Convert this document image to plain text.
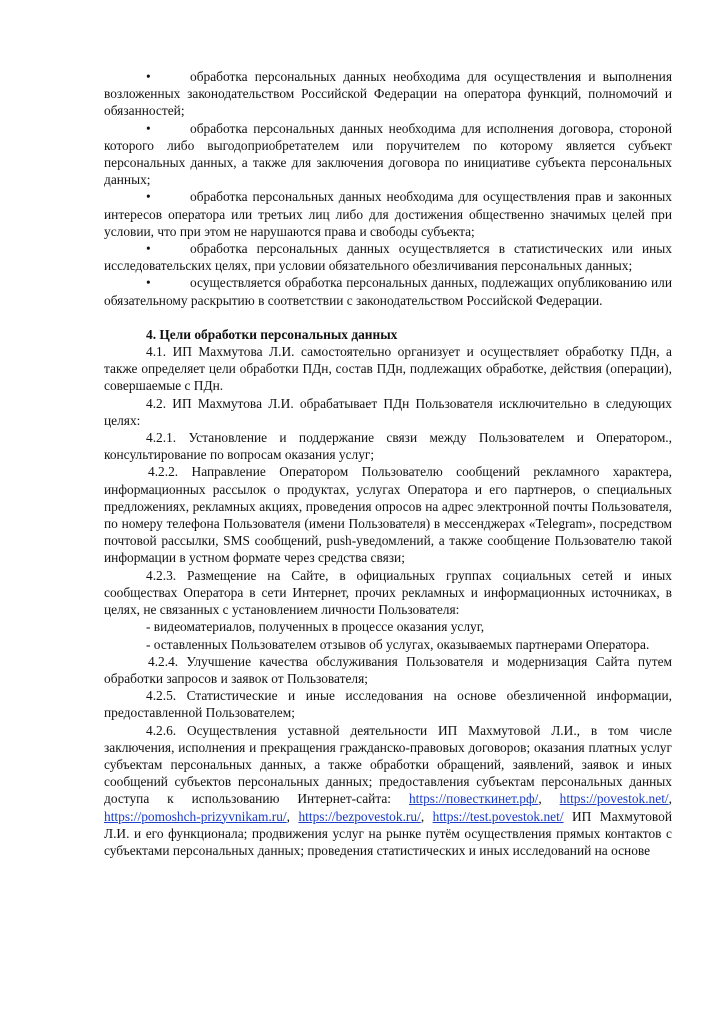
•	обработка персональных данных необходима для осуществления и выполнения возложенных законодательством Российской Федерации на оператора функций, полномочий и обязанностей;

•	обработка персональных данных необходима для исполнения договора, стороной которого либо выгодоприобретателем или поручителем по которому является субъект персональных данных, а также для заключения договора по инициативе субъекта персональных данных;

•	обработка персональных данных необходима для осуществления прав и законных интересов оператора или третьих лиц либо для достижения общественно значимых целей при условии, что при этом не нарушаются права и свободы субъекта;

•	обработка персональных данных осуществляется в статистических или иных исследовательских целях, при условии обязательного обезличивания персональных данных;

•	осуществляется обработка персональных данных, подлежащих опубликованию или обязательному раскрытию в соответствии с законодательством Российской Федерации.

4. Цели обработки персональных данных

4.1. ИП Махмутова Л.И. самостоятельно организует и осуществляет обработку ПДн, а также определяет цели обработки ПДн, состав ПДн, подлежащих обработке, действия (операции), совершаемые с ПДн.

4.2. ИП Махмутова Л.И. обрабатывает ПДн Пользователя исключительно в следующих целях:

4.2.1. Установление и поддержание связи между Пользователем и Оператором., консультирование по вопросам оказания услуг;

4.2.2. Направление Оператором Пользователю сообщений рекламного характера, информационных рассылок о продуктах, услугах Оператора и его партнеров, о специальных предложениях, рекламных акциях, проведения опросов на адрес электронной почты Пользователя, по номеру телефона Пользователя (имени Пользователя) в мессенджерах «Telegram», посредством почтовой рассылки, SMS сообщений, push-уведомлений, а также сообщение Пользователю такой информации в устном формате через средства связи;

4.2.3. Размещение на Сайте, в официальных группах социальных сетей и иных сообществах Оператора в сети Интернет, прочих рекламных и информационных источниках, в целях, не связанных с установлением личности Пользователя:

- видеоматериалов, полученных в процессе оказания услуг,

- оставленных Пользователем отзывов об услугах, оказываемых партнерами Оператора.

4.2.4. Улучшение качества обслуживания Пользователя и модернизация Сайта путем обработки запросов и заявок от Пользователя;

4.2.5. Статистические и иные исследования на основе обезличенной информации, предоставленной Пользователем;

4.2.6. Осуществления уставной деятельности ИП Махмутовой Л.И., в том числе заключения, исполнения и прекращения гражданско-правовых договоров; оказания платных услуг субъектам персональных данных, а также обработки обращений, заявлений, заявок и иных сообщений субъектов персональных данных; предоставления субъектам персональных данных доступа к использованию Интернет-сайта: https://повесткинет.рф/, https://povestok.net/, https://pomoshch-prizyvnikam.ru/, https://bezpovestok.ru/, https://test.povestok.net/ ИП Махмутовой Л.И. и его функционала; продвижения услуг на рынке путём осуществления прямых контактов с субъектами персональных данных; проведения статистических и иных исследований на основе
